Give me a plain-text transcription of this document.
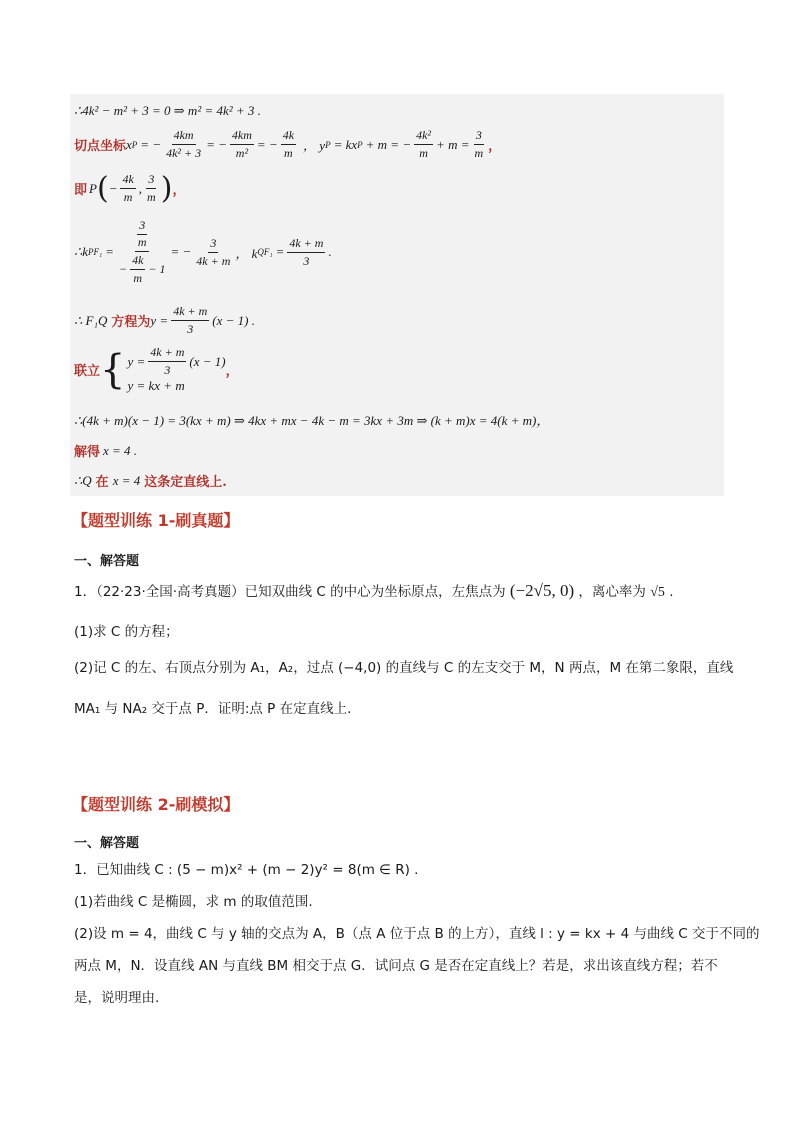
∴4k² − m² + 3 = 0 ⇒ m² = 4k² + 3 .
切点坐标 x P = − $\frac{4km}{\text{4k² + 3}}$ = − $\frac{4km}{\text{m²}}$ = − $\frac{4k}{m}$ ， y P = kx P + m = − $\frac{\text{4k²}}{m} + m = \frac{3}{m}$ ，
即 P ( − $\frac{4k}{m}$ , $\frac{3}{m}$ ) ，
∴k $PF_1 = \frac{\frac{3}{m}}{- \frac{4k}{m} - 1}$ = − $\frac{3}{4k + m}$ ， k $QF_1 = \frac{4k + m}{3}$ .
∴ F₁Q 方程为 $y = \frac{4k + m}{3} (x - 1)$ .
联立 { $y = \frac{4k + m}{3} (x - 1)$
y = kx + m
，
∴(4k + m)(x − 1) = 3(kx + m) ⇒ 4kx + mx − 4k − m = 3kx + 3m ⇒ (k + m)x = 4(k + m)，
解得 x = 4 .
∴Q 在 x = 4 这条定直线上.
【题型训练 1-刷真题】
一、解答题
1．（22·23·全国·高考真题）已知双曲线 C 的中心为坐标原点，左焦点为 (−2√5, 0) ，离心率为 √5 .
(1)求 C 的方程；
(2)记 C 的左、右顶点分别为 A₁，A₂，过点 (−4,0) 的直线与 C 的左支交于 M，N 两点，M 在第二象限，直线
MA₁ 与 NA₂ 交于点 P．证明:点 P 在定直线上.
【题型训练 2-刷模拟】
一、解答题
1．已知曲线 C : (5 − m)x² + (m − 2)y² = 8(m ∈ R) .
(1)若曲线 C 是椭圆，求 m 的取值范围.
(2)设 m = 4，曲线 C 与 y 轴的交点为 A，B（点 A 位于点 B 的上方），直线 l : y = kx + 4 与曲线 C 交于不同的
两点 M，N．设直线 AN 与直线 BM 相交于点 G．试问点 G 是否在定直线上？若是，求出该直线方程；若不
是，说明理由.
